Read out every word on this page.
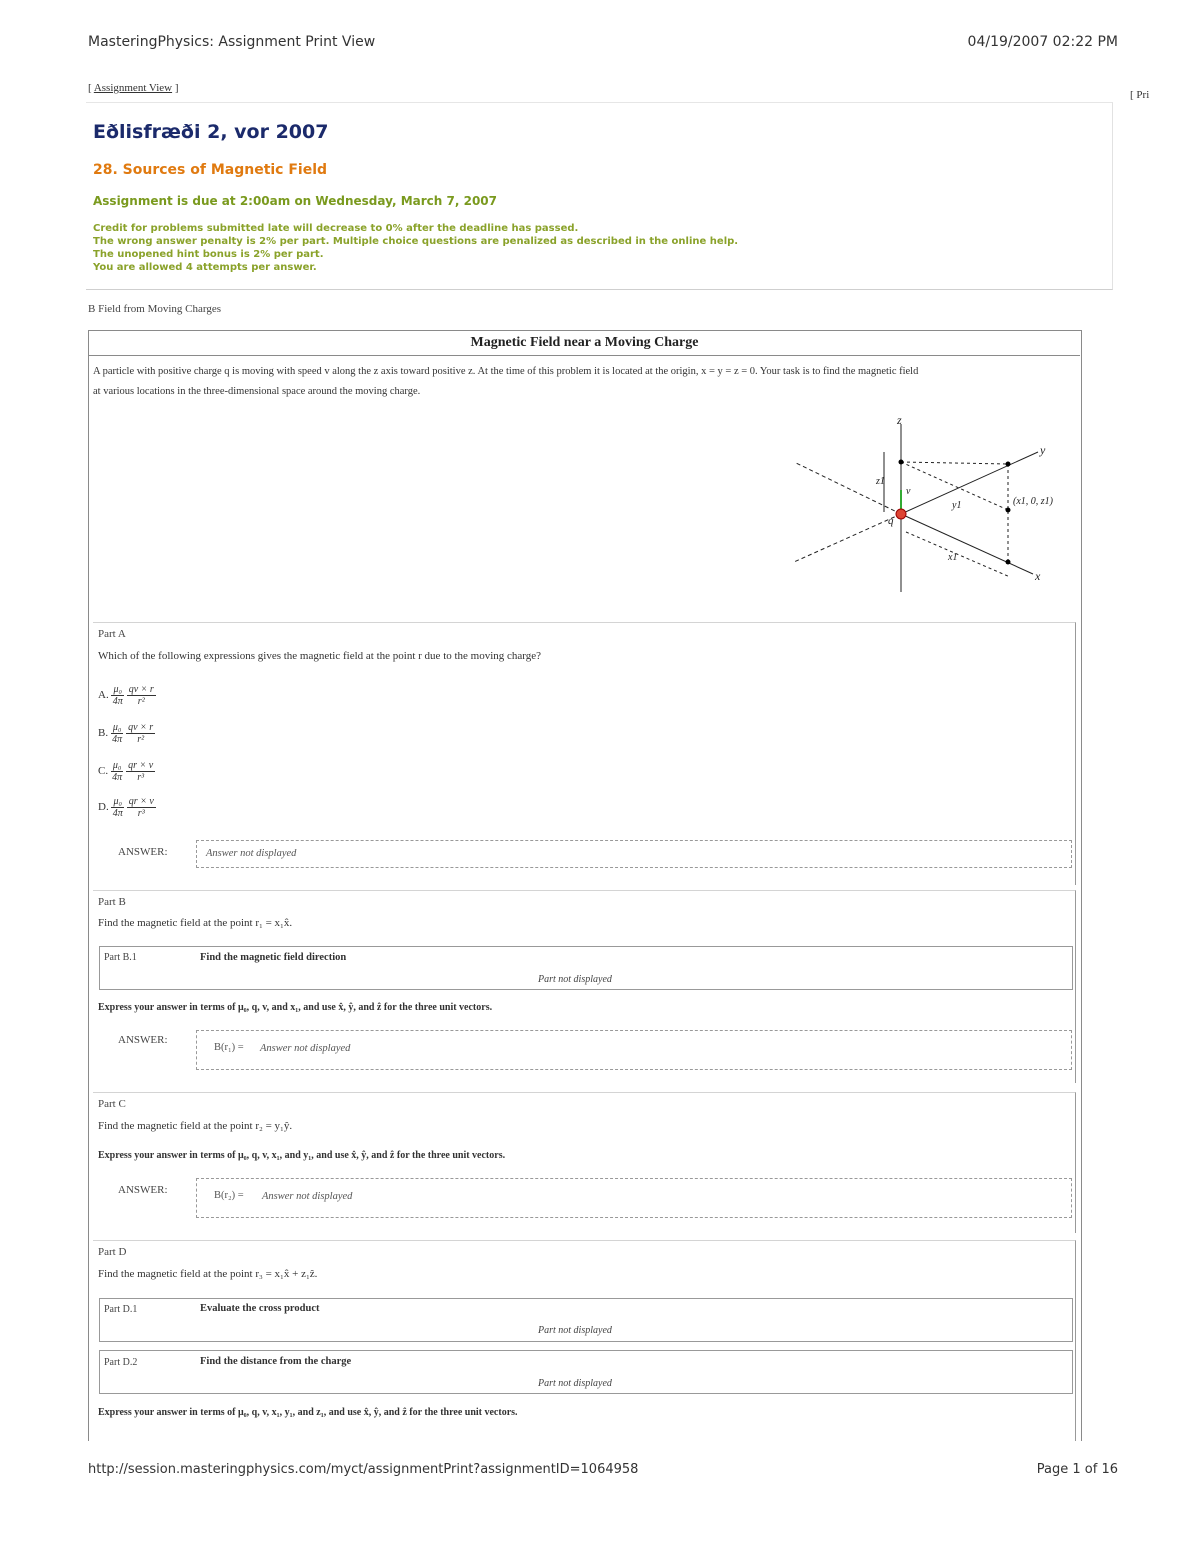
MasteringPhysics: Assignment Print View	04/19/2007 02:22 PM
[ Assignment View ]
[ Pri
Eðlisfræði 2, vor 2007
28. Sources of Magnetic Field
Assignment is due at 2:00am on Wednesday, March 7, 2007
Credit for problems submitted late will decrease to 0% after the deadline has passed.
The wrong answer penalty is 2% per part. Multiple choice questions are penalized as described in the online help.
The unopened hint bonus is 2% per part.
You are allowed 4 attempts per answer.
B Field from Moving Charges
Magnetic Field near a Moving Charge
A particle with positive charge q is moving with speed v along the z axis toward positive z. At the time of this problem it is located at the origin, x = y = z = 0. Your task is to find the magnetic field
at various locations in the three-dimensional space around the moving charge.
z
y
x
z1
y1
x1
v
q
(x1, 0, z1)
Part A
Which of the following expressions gives the magnetic field at the point r due to the moving charge?
A. $\frac{\text{μ₀}}{4\pi}$
$\frac{qv \times r}{\text{r²}}$
B. $\frac{\text{μ₀}}{4\pi}$
$\frac{qv \times r}{\text{r²}}$
C. $\frac{\text{μ₀}}{4\pi}$
$\frac{qr \times v}{\text{r³}}$
D. $\frac{\text{μ₀}}{4\pi}$
$\frac{qr \times v}{\text{r³}}$
ANSWER:	Answer not displayed
Part B
Find the magnetic field at the point r₁ = x₁x̂.
Part B.1	Find the magnetic field direction
Part not displayed
Express your answer in terms of μ₀, q, v, and x₁, and use x̂, ŷ, and ẑ for the three unit vectors.
ANSWER:
B(r₁) = Answer not displayed
Part C
Find the magnetic field at the point r₂ = y₁ŷ.
Express your answer in terms of μ₀, q, v, x₁, and y₁, and use x̂, ŷ, and ẑ for the three unit vectors.
ANSWER:	B(r₂) = Answer not displayed
Part D
Find the magnetic field at the point r₃ = x₁x̂ + z₁ẑ.
Part D.1	Evaluate the cross product
Part not displayed
Part D.2	Find the distance from the charge
Part not displayed
Express your answer in terms of μ₀, q, v, x₁, y₁, and z₁, and use x̂, ŷ, and ẑ for the three unit vectors.
http://session.masteringphysics.com/myct/assignmentPrint?assignmentID=1064958	Page 1 of 16
